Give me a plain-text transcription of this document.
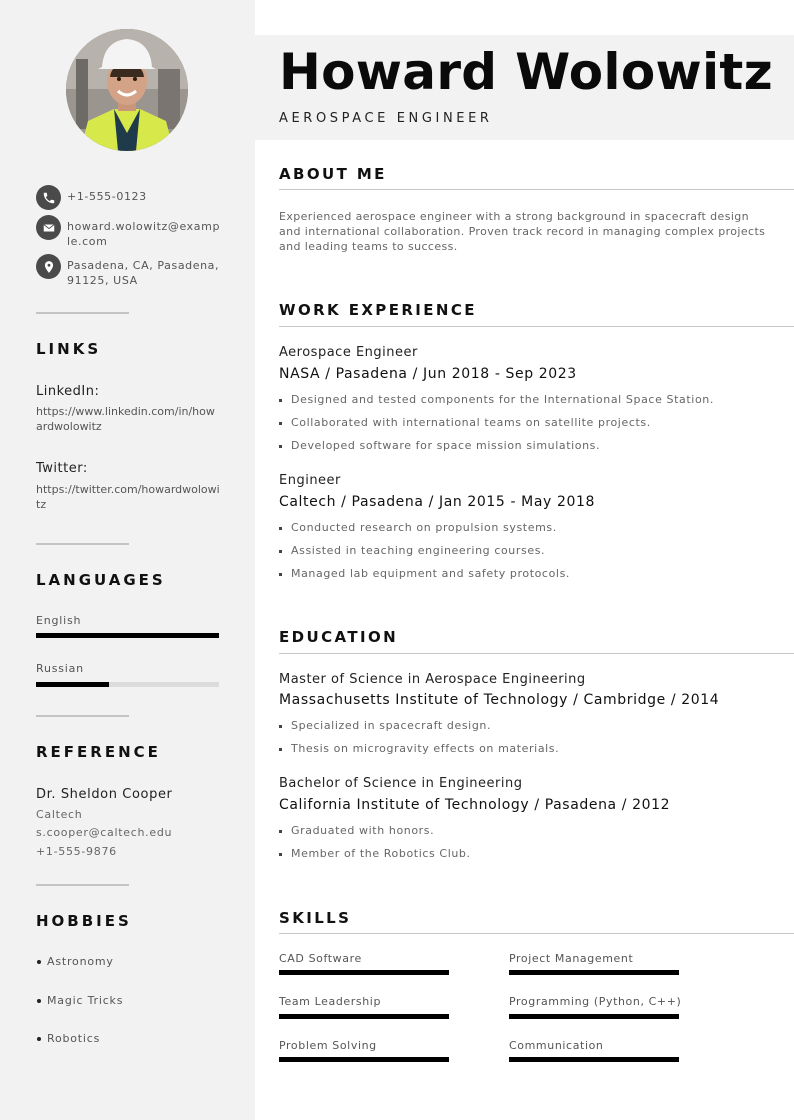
+1-555-0123
howard.wolowitz@example.com
Pasadena, CA, Pasadena, 91125, USA
LINKS
LinkedIn:
https://www.linkedin.com/in/howardwolowitz
Twitter:
https://twitter.com/howardwolowitz
LANGUAGES
English
Russian
REFERENCE
Dr. Sheldon Cooper
Caltech
s.cooper@caltech.edu
+1-555-9876
HOBBIES
Astronomy
Magic Tricks
Robotics
Howard Wolowitz
AEROSPACE ENGINEER
ABOUT ME
Experienced aerospace engineer with a strong background in spacecraft design and international collaboration. Proven track record in managing complex projects and leading teams to success.
WORK EXPERIENCE
Aerospace Engineer
NASA / Pasadena / Jun 2018 - Sep 2023
Designed and tested components for the International Space Station.
Collaborated with international teams on satellite projects.
Developed software for space mission simulations.
Engineer
Caltech / Pasadena / Jan 2015 - May 2018
Conducted research on propulsion systems.
Assisted in teaching engineering courses.
Managed lab equipment and safety protocols.
EDUCATION
Master of Science in Aerospace Engineering
Massachusetts Institute of Technology / Cambridge / 2014
Specialized in spacecraft design.
Thesis on microgravity effects on materials.
Bachelor of Science in Engineering
California Institute of Technology / Pasadena / 2012
Graduated with honors.
Member of the Robotics Club.
SKILLS
CAD Software	Project Management
Team Leadership	Programming (Python, C++)
Problem Solving	Communication
